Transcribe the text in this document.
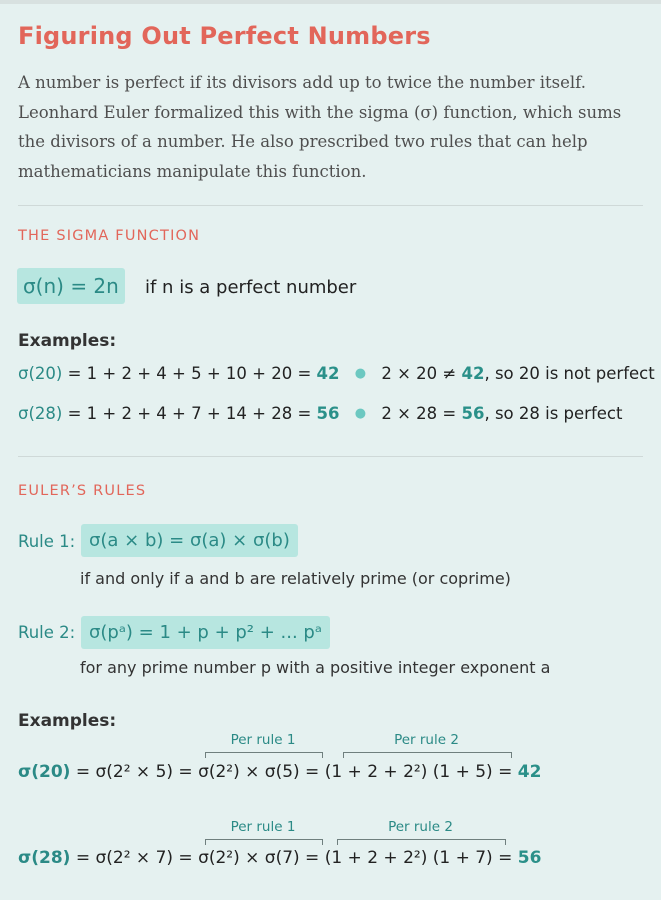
Figuring Out Perfect Numbers
A number is perfect if its divisors add up to twice the number itself.
Leonhard Euler formalized this with the sigma (σ) function, which sums
the divisors of a number. He also prescribed two rules that can help
mathematicians manipulate this function.
THE SIGMA FUNCTION
σ(n) = 2n	if n is a perfect number
Examples:
σ(20) = 1 + 2 + 4 + 5 + 10 + 20 = 42 ● 2 × 20 ≠ 42, so 20 is not perfect
σ(28) = 1 + 2 + 4 + 7 + 14 + 28 = 56 ● 2 × 28 = 56, so 28 is perfect
EULER’S RULES
Rule 1: σ(a × b) = σ(a) × σ(b)
if and only if a and b are relatively prime (or coprime)
Rule 2: σ(pᵃ) = 1 + p + p² + ... pᵃ
for any prime number p with a positive integer exponent a
Examples:
Per rule 1	Per rule 2
σ(20) = σ(2² × 5) = σ(2²) × σ(5) = (1 + 2 + 2²) (1 + 5) = 42
Per rule 1	Per rule 2
σ(28) = σ(2² × 7) = σ(2²) × σ(7) = (1 + 2 + 2²) (1 + 7) = 56
